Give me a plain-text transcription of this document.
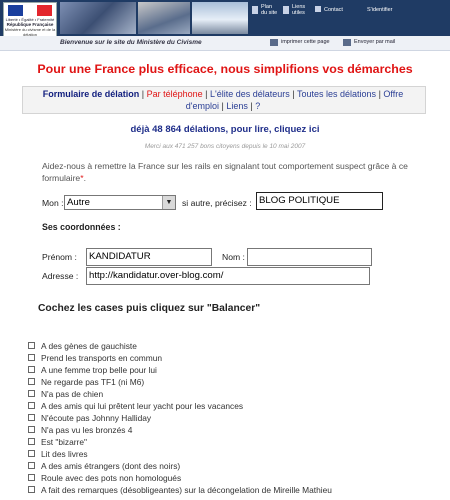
Liberté • Égalité • Fraternité
République Française
Ministère du civisme et de la délation
Plan
du site
Liens
utiles	Contact	S'identifier
Bienvenue sur le site du Ministère du Civisme	imprimer cette page	Envoyer par mail
Pour une France plus efficace, nous simplifions vos démarches
Formulaire de délation | Par téléphone | L'élite des délateurs | Toutes les délations | Offre
d'emploi | Liens | ?
déjà 48 864 délations, pour lire, cliquez ici
Merci aux 471 257 bons citoyens depuis le 10 mai 2007
Aidez-nous à remettre la France sur les rails en signalant tout comportement suspect grâce à ce formulaire*.
Mon : Autre	▼ si autre, précisez : BLOG POLITIQUE
Ses coordonnées :
Prénom :	KANDIDATUR	Nom :
Adresse :	http://kandidatur.over-blog.com/
Cochez les cases puis cliquez sur "Balancer"
A des gènes de gauchiste
Prend les transports en commun
A une femme trop belle pour lui
Ne regarde pas TF1 (ni M6)
N'a pas de chien
A des amis qui lui prêtent leur yacht pour les vacances
N'écoute pas Johnny Halliday
N'a pas vu les bronzés 4
Est "bizarre"
Lit des livres
A des amis étrangers (dont des noirs)
Roule avec des pots non homologués
A fait des remarques (désobligeantes) sur la décongelation de Mireille Mathieu
